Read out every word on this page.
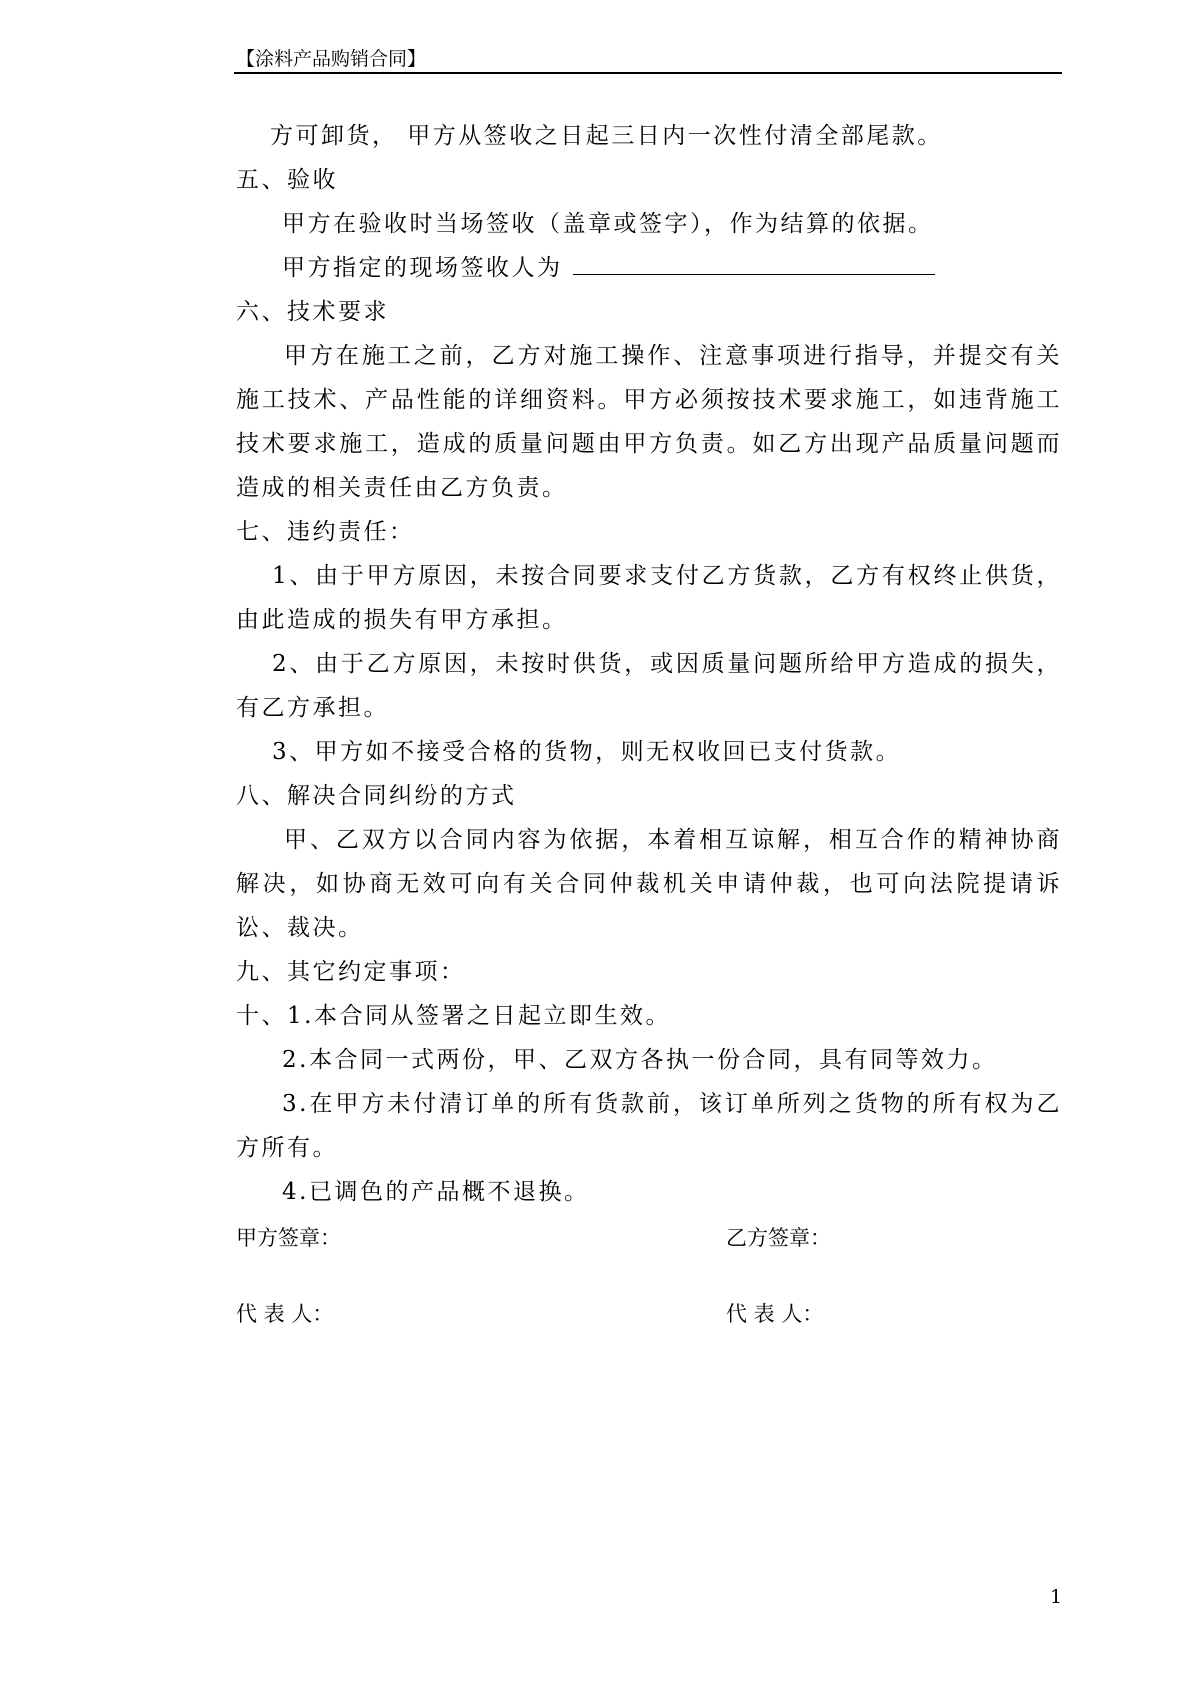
【涂料产品购销合同】

方可卸货， 甲方从签收之日起三日内一次性付清全部尾款。

五、验收

甲方在验收时当场签收（盖章或签字），作为结算的依据。

甲方指定的现场签收人为

六、技术要求

甲方在施工之前，乙方对施工操作、注意事项进行指导，并提交有关施工技术、产品性能的详细资料。甲方必须按技术要求施工，如违背施工技术要求施工，造成的质量问题由甲方负责。如乙方出现产品质量问题而造成的相关责任由乙方负责。

七、违约责任：

1、由于甲方原因，未按合同要求支付乙方货款，乙方有权终止供货，由此造成的损失有甲方承担。

2、由于乙方原因，未按时供货，或因质量问题所给甲方造成的损失，有乙方承担。

3、甲方如不接受合格的货物，则无权收回已支付货款。

八、解决合同纠纷的方式

甲、乙双方以合同内容为依据，本着相互谅解，相互合作的精神协商解决，如协商无效可向有关合同仲裁机关申请仲裁，也可向法院提请诉讼、裁决。

九、其它约定事项：

十、1.本合同从签署之日起立即生效。

2.本合同一式两份，甲、乙双方各执一份合同，具有同等效力。

3.在甲方未付清订单的所有货款前，该订单所列之货物的所有权为乙方所有。

4.已调色的产品概不退换。

甲方签章：	乙方签章：
代 表 人：	代 表 人：
1
